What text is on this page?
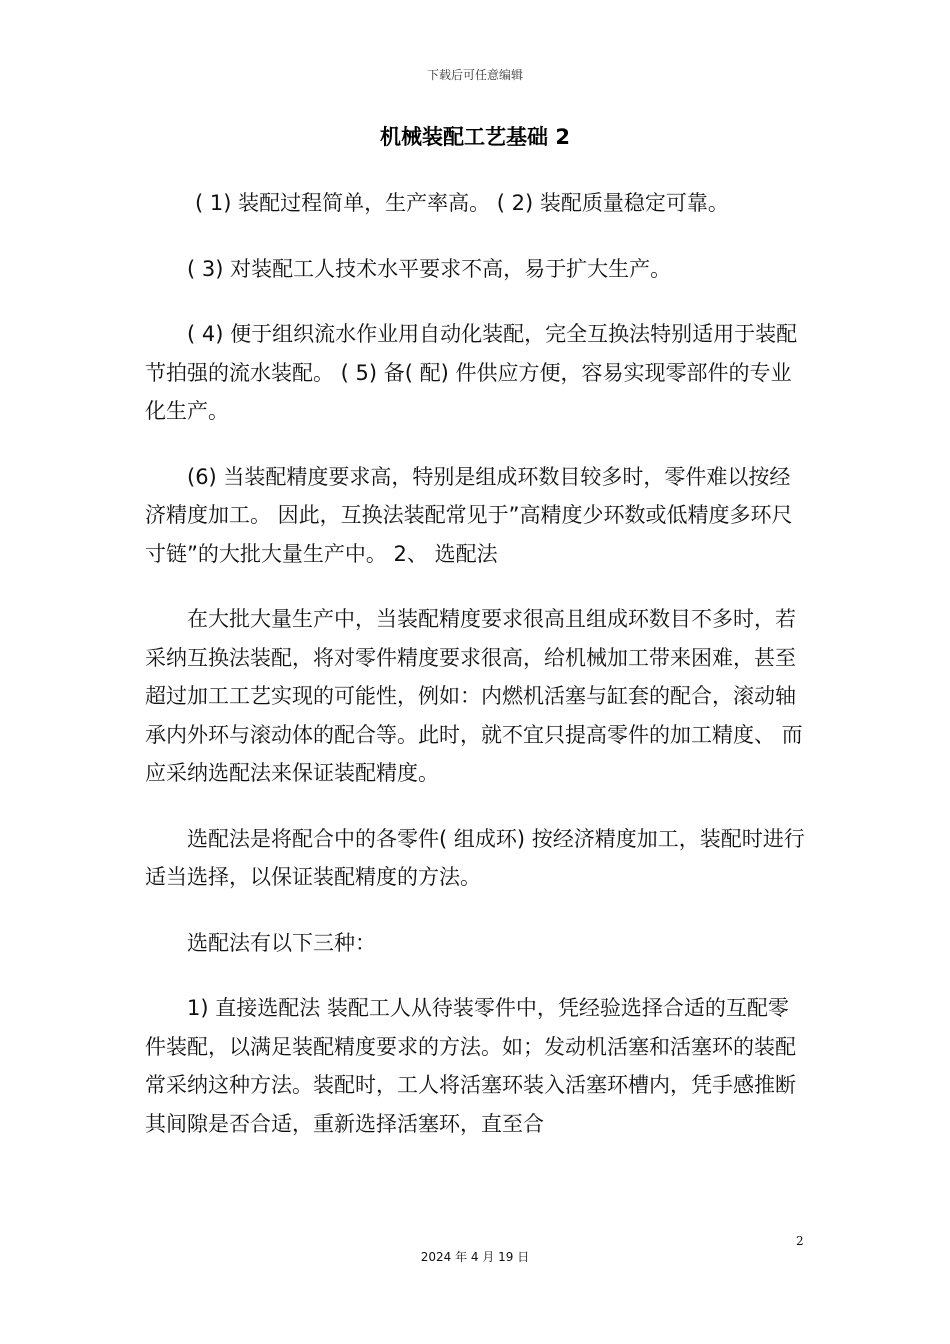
下载后可任意编辑
机械装配工艺基础 2

( 1) 装配过程简单，生产率高。 ( 2) 装配质量稳定可靠。

( 3) 对装配工人技术水平要求不高，易于扩大生产。

( 4) 便于组织流水作业用自动化装配，完全互换法特别适用于装配节拍强的流水装配。 ( 5) 备( 配) 件供应方便，容易实现零部件的专业化生产。

(6) 当装配精度要求高，特别是组成环数目较多时，零件难以按经济精度加工。 因此，互换法装配常见于”高精度少环数或低精度多环尺寸链”的大批大量生产中。 2、 选配法

在大批大量生产中，当装配精度要求很高且组成环数目不多时，若采纳互换法装配，将对零件精度要求很高，给机械加工带来困难，甚至超过加工工艺实现的可能性，例如：内燃机活塞与缸套的配合，滚动轴承内外环与滚动体的配合等。此时，就不宜只提高零件的加工精度、 而应采纳选配法来保证装配精度。

选配法是将配合中的各零件( 组成环) 按经济精度加工，装配时进行适当选择，以保证装配精度的方法。

选配法有以下三种：

1) 直接选配法 装配工人从待装零件中，凭经验选择合适的互配零件装配，以满足装配精度要求的方法。如；发动机活塞和活塞环的装配常采纳这种方法。装配时，工人将活塞环装入活塞环槽内，凭手感推断其间隙是否合适，重新选择活塞环，直至合

2
2024 年 4 月 19 日
